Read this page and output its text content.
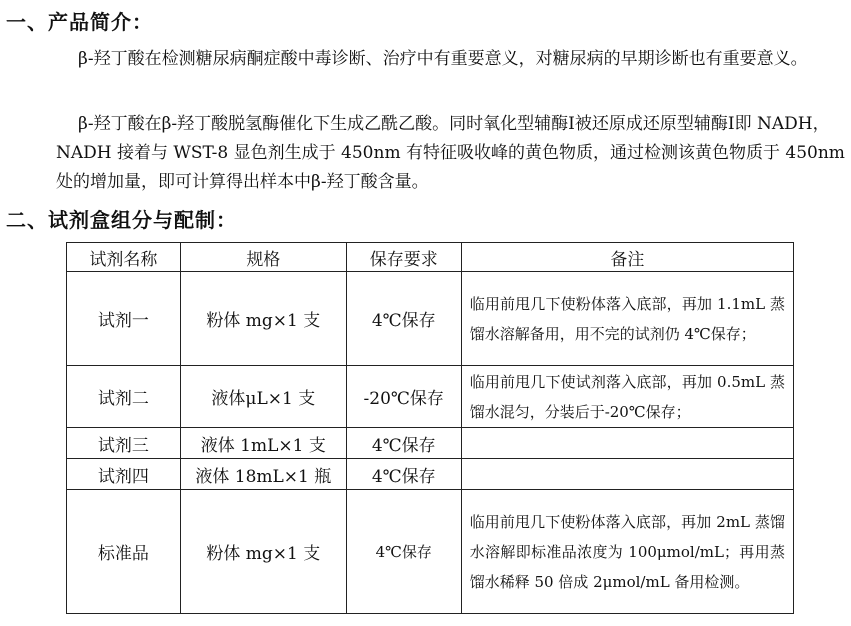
一、产品简介：

β-羟丁酸在检测糖尿病酮症酸中毒诊断、治疗中有重要意义，对糖尿病的早期诊断也有重要意义。

β-羟丁酸在β-羟丁酸脱氢酶催化下生成乙酰乙酸。同时氧化型辅酶I被还原成还原型辅酶I即 NADH，NADH 接着与 WST-8 显色剂生成于 450nm 有特征吸收峰的黄色物质，通过检测该黄色物质于 450nm 处的增加量，即可计算得出样本中β-羟丁酸含量。

二、试剂盒组分与配制：
试剂名称	规格	保存要求	备注
试剂一	粉体 mg×1 支	4℃保存	临用前甩几下使粉体落入底部，再加 1.1mL 蒸馏水溶解备用，用不完的试剂仍 4℃保存；
试剂二	液体μL×1 支	-20℃保存	临用前甩几下使试剂落入底部，再加 0.5mL 蒸馏水混匀，分装后于-20℃保存；
试剂三	液体 1mL×1 支	4℃保存	
试剂四	液体 18mL×1 瓶	4℃保存	
标准品	粉体 mg×1 支	4℃保存	临用前甩几下使粉体落入底部，再加 2mL 蒸馏水溶解即标准品浓度为 100μmol/mL；再用蒸馏水稀释 50 倍成 2μmol/mL 备用检测。
